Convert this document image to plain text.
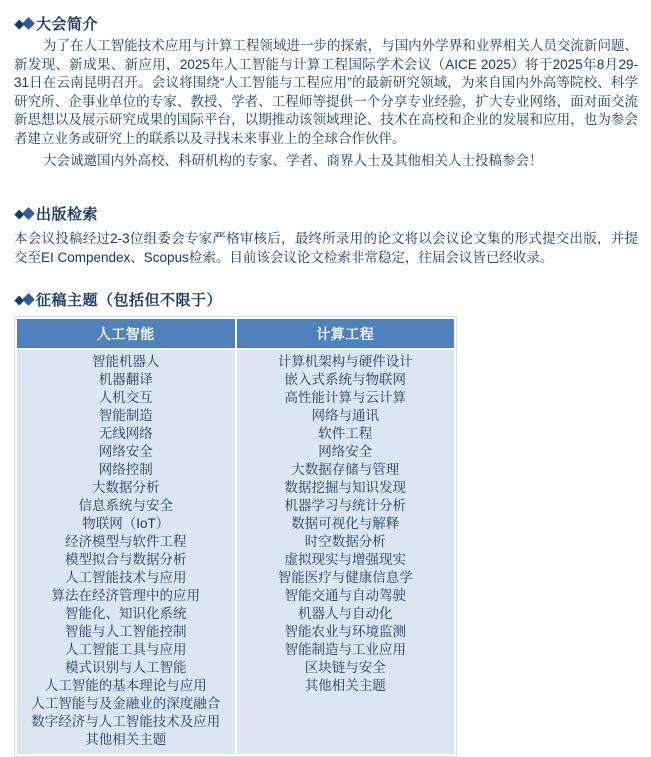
大会简介

为了在人工智能技术应用与计算工程领域进一步的探索，与国内外学界和业界相关人员交流新问题、新发现、新成果、新应用，2025年人工智能与计算工程国际学术会议（AICE 2025）将于2025年8月29-31日在云南昆明召开。会议将围绕“人工智能与工程应用”的最新研究领域，为来自国内外高等院校、科学研究所、企事业单位的专家、教授、学者、工程师等提供一个分享专业经验，扩大专业网络，面对面交流新思想以及展示研究成果的国际平台，以期推动该领域理论、技术在高校和企业的发展和应用，也为参会者建立业务或研究上的联系以及寻找未来事业上的全球合作伙伴。

大会诚邀国内外高校、科研机构的专家、学者、商界人士及其他相关人士投稿参会！

出版检索

本会议投稿经过2-3位组委会专家严格审核后，最终所录用的论文将以会议论文集的形式提交出版，并提交至EI Compendex、Scopus检索。目前该会议论文检索非常稳定，往届会议皆已经收录。

征稿主题（包括但不限于）
人工智能	计算工程

智能机器人
机器翻译
人机交互
智能制造
无线网络
网络安全
网络控制
大数据分析
信息系统与安全
物联网（IoT）
经济模型与软件工程
模型拟合与数据分析
人工智能技术与应用
算法在经济管理中的应用
智能化、知识化系统
智能与人工智能控制
人工智能工具与应用
模式识别与人工智能
人工智能的基本理论与应用
人工智能与及金融业的深度融合
数字经济与人工智能技术及应用
其他相关主题

计算机架构与硬件设计
嵌入式系统与物联网
高性能计算与云计算
网络与通讯
软件工程
网络安全
大数据存储与管理
数据挖掘与知识发现
机器学习与统计分析
数据可视化与解释
时空数据分析
虚拟现实与增强现实
智能医疗与健康信息学
智能交通与自动驾驶
机器人与自动化
智能农业与环境监测
智能制造与工业应用
区块链与安全
其他相关主题
